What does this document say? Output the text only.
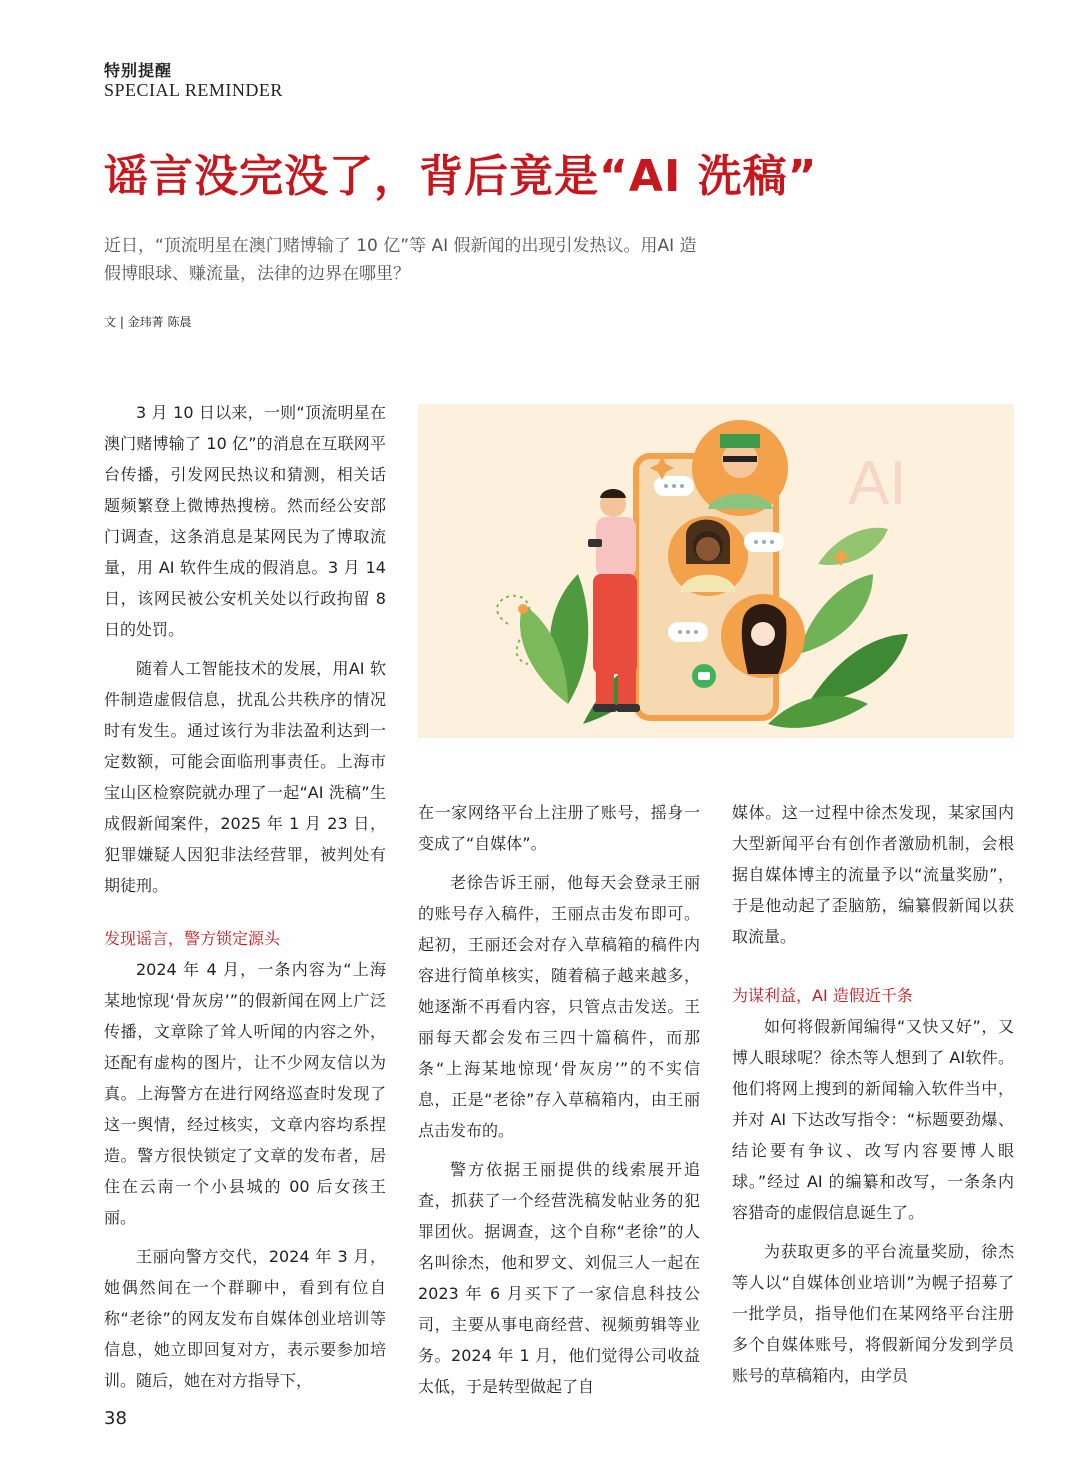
特别提醒
SPECIAL REMINDER
谣言没完没了，背后竟是“AI 洗稿”
近日，“顶流明星在澳门赌博输了 10 亿”等 AI 假新闻的出现引发热议。用AI 造假博眼球、赚流量，法律的边界在哪里？
文 | 金玮菁 陈晨
AI

3 月 10 日以来，一则“顶流明星在澳门赌博输了 10 亿”的消息在互联网平台传播，引发网民热议和猜测，相关话题频繁登上微博热搜榜。然而经公安部门调查，这条消息是某网民为了博取流量，用 AI 软件生成的假消息。3 月 14 日，该网民被公安机关处以行政拘留 8 日的处罚。

随着人工智能技术的发展，用AI 软件制造虚假信息，扰乱公共秩序的情况时有发生。通过该行为非法盈利达到一定数额，可能会面临刑事责任。上海市宝山区检察院就办理了一起“AI 洗稿”生成假新闻案件，2025 年 1 月 23 日，犯罪嫌疑人因犯非法经营罪，被判处有期徒刑。

发现谣言，警方锁定源头

2024 年 4 月，一条内容为“上海某地惊现‘骨灰房’”的假新闻在网上广泛传播，文章除了耸人听闻的内容之外，还配有虚构的图片，让不少网友信以为真。上海警方在进行网络巡查时发现了这一舆情，经过核实，文章内容均系捏造。警方很快锁定了文章的发布者，居住在云南一个小县城的 00 后女孩王丽。

王丽向警方交代，2024 年 3 月，她偶然间在一个群聊中，看到有位自称“老徐”的网友发布自媒体创业培训等信息，她立即回复对方，表示要参加培训。随后，她在对方指导下，

在一家网络平台上注册了账号，摇身一变成了“自媒体”。

老徐告诉王丽，他每天会登录王丽的账号存入稿件，王丽点击发布即可。起初，王丽还会对存入草稿箱的稿件内容进行简单核实，随着稿子越来越多，她逐渐不再看内容，只管点击发送。王丽每天都会发布三四十篇稿件，而那条“上海某地惊现‘骨灰房’”的不实信息，正是“老徐”存入草稿箱内，由王丽点击发布的。

警方依据王丽提供的线索展开追查，抓获了一个经营洗稿发帖业务的犯罪团伙。据调查，这个自称“老徐”的人名叫徐杰，他和罗文、刘侃三人一起在 2023 年 6 月买下了一家信息科技公司，主要从事电商经营、视频剪辑等业务。2024 年 1 月，他们觉得公司收益太低，于是转型做起了自

媒体。这一过程中徐杰发现，某家国内大型新闻平台有创作者激励机制，会根据自媒体博主的流量予以“流量奖励”，于是他动起了歪脑筋，编纂假新闻以获取流量。

为谋利益，AI 造假近千条

如何将假新闻编得“又快又好”，又博人眼球呢？徐杰等人想到了 AI软件。他们将网上搜到的新闻输入软件当中，并对 AI 下达改写指令：“标题要劲爆、结论要有争议、改写内容要博人眼球。”经过 AI 的编纂和改写，一条条内容猎奇的虚假信息诞生了。

为获取更多的平台流量奖励，徐杰等人以“自媒体创业培训”为幌子招募了一批学员，指导他们在某网络平台注册多个自媒体账号，将假新闻分发到学员账号的草稿箱内，由学员

38
